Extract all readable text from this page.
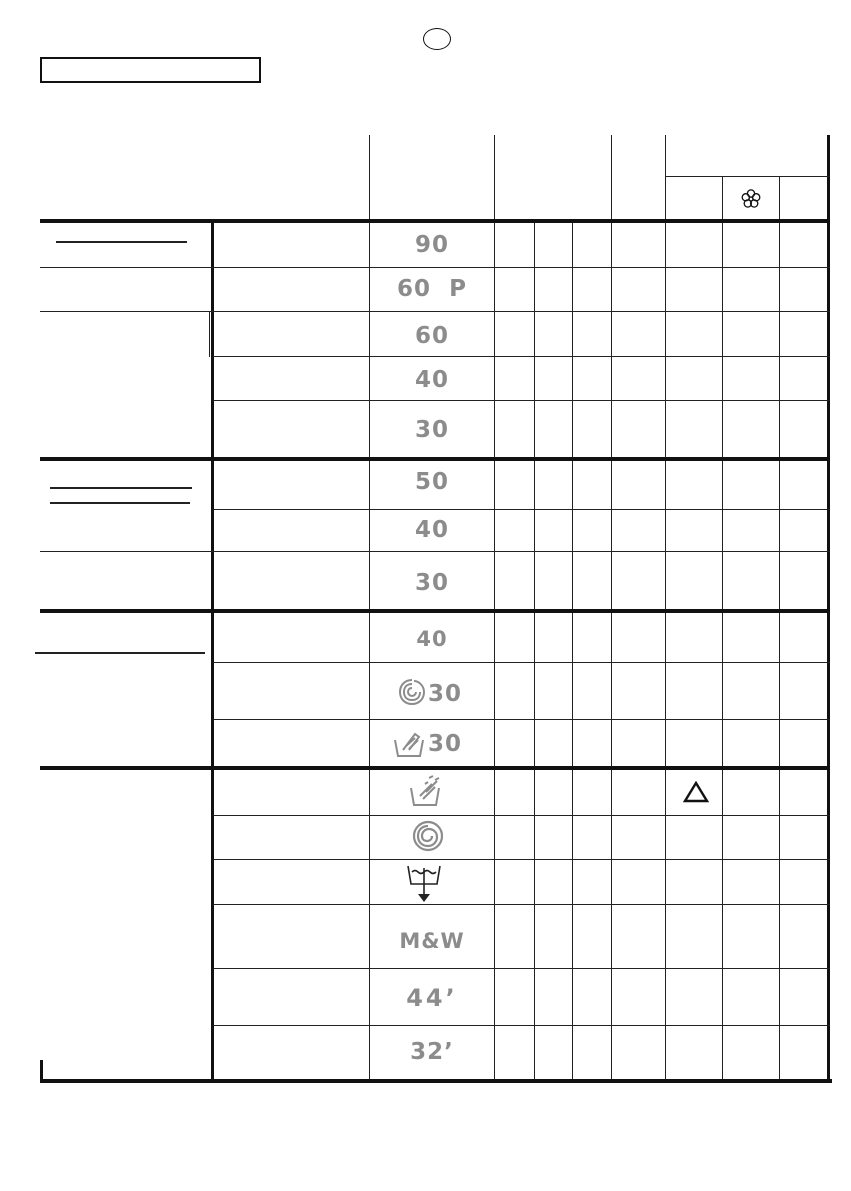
90
60  P
60
40
30
50
40
30
40
30
30
M&W
44’
32’
